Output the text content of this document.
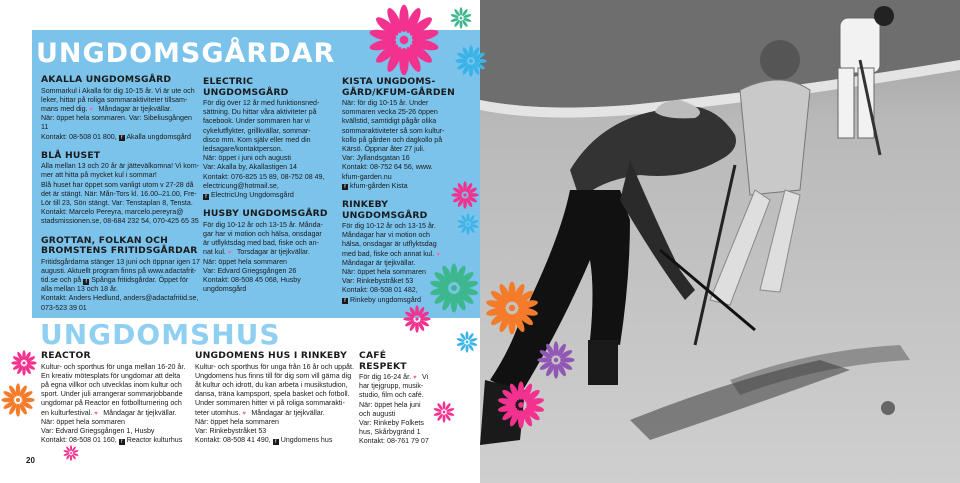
UNGDOMSGÅRDAR
UNGDOMSHUS
AKALLA UNGDOMSGÅRD

Sommarkul i Akalla för dig 10-15 år. Vi är ute och

leker, hittar på roliga sommaraktiviteter tillsam-

mans med dig. ♥ Måndagar är tjejkvällar.

När: öppet hela sommaren. Var: Sibeliusgången 11

Kontakt: 08-508 01 800, f Akalla ungdomsgård

BLÅ HUSET

Alla mellan 13 och 20 år är jättevälkomna! Vi kom-

mer att hitta på mycket kul i sommar!

Blå huset har öppet som vanligt utom v 27-28 då

det är stängt. När: Mån-Tors kl. 16.00–21.00, Fre-

Lör till 23, Sön stängt. Var: Tenstaplan 8, Tensta.

Kontakt: Marcelo Pereyra, marcelo.pereyra@

stadsmissionen.se, 08-684 232 54, 070-425 65 35

GROTTAN, FOLKAN OCH BROMSTENS FRITIDSGÅRDAR

Fritidsgårdarna stänger 13 juni och öppnar igen 17

augusti. Aktuellt program finns på www.adactafrit-

tid.se och på f Spånga fritidsgårdar. Öppet för

alla mellan 13 och 18 år.

Kontakt: Anders Hedlund, anders@adactafritid.se,

073-523 39 01

ELECTRIC UNGDOMSGÅRD

För dig över 12 år med funktionsned-

sättning. Du hittar våra aktiviteter på

facebook. Under sommaren har vi

cykelutflykter, grillkvällar, sommar-

disco mm. Kom själv eller med din

ledsagare/kontaktperson.

När: öppet i juni och augusti

Var: Akalla by, Akallastigen 14

Kontakt: 076-825 15 89, 08-752 08 49,

electricung@hotmail.se,

f ElectricUng Ungdomsgård

HUSBY UNGDOMSGÅRD

För dig 10-12 år och 13-15 år. Månda-

gar har vi motion och hälsa, onsdagar

är utflyktsdag med bad, fiske och an-

nat kul. ♥ Torsdagar är tjejkvällar.

När: öppet hela sommaren

Var: Edvard Griegsgången 26

Kontakt: 08-508 45 068, Husby

ungdomsgård

KISTA UNGDOMS- GÅRD/KFUM-GÅRDEN

När: för dig 10-15 år. Under

sommaren vecka 25-26 öppen

kvällstid, samtidigt pågår olika

sommaraktiviteter så som kultur-

kollo på gården och dagkollo på

Kärsö. Öppnar åter 27 juli.

Var: Jyllandsgatan 16

Kontakt: 08-752 64 56, www.

kfum-garden.nu

f kfum-gården Kista

RINKEBY UNGDOMSGÅRD

För dig 10-12 år och 13-15 år.

Måndagar har vi motion och

hälsa, onsdagar är utflyktsdag

med bad, fiske och annat kul. ♥Måndagar är tjejkvällar.

När: öppet hela sommaren

Var: Rinkebystråket 53

Kontakt: 08-508 01 482,

f Rinkeby ungdomsgård

REACTOR

Kultur- och sporthus för unga mellan 16-20 år.

En kreativ mötesplats för ungdomar att delta

på egna villkor och utvecklas inom kultur och

sport. Under juli arrangerar sommarjobbande

ungdomar på Reactor en fotbollturnering och

en kulturfestival. ♥ Måndagar är tjejkvällar.

När: öppet hela sommaren

Var: Edvard Griegsgången 1, Husby

Kontakt: 08-508 01 160, f Reactor kulturhus

UNGDOMENS HUS I RINKEBY

Kultur- och sporthus för unga från 16 år och uppåt.

Ungdomens hus finns till för dig som vill gärna dig

åt kultur och idrott, du kan arbeta i musikstudion,

dansa, träna kampsport, spela basket och fotboll.

Under sommaren hitter vi på roliga sommarakti-

teter utomhus. ♥ Måndagar är tjejkvällar.

När: öppet hela sommaren

Var: Rinkebystråket 53

Kontakt: 08-508 41 490, f Ungdomens hus

CAFÉ RESPEKT

För dig 16-24 år. ♥ Vi

har tjejgrupp, musik-

studio, film och café.

När: öppet hela juni

och augusti

Var: Rinkeby Folkets

hus, Skårbygränd 1

Kontakt: 08-761 79 07

20
